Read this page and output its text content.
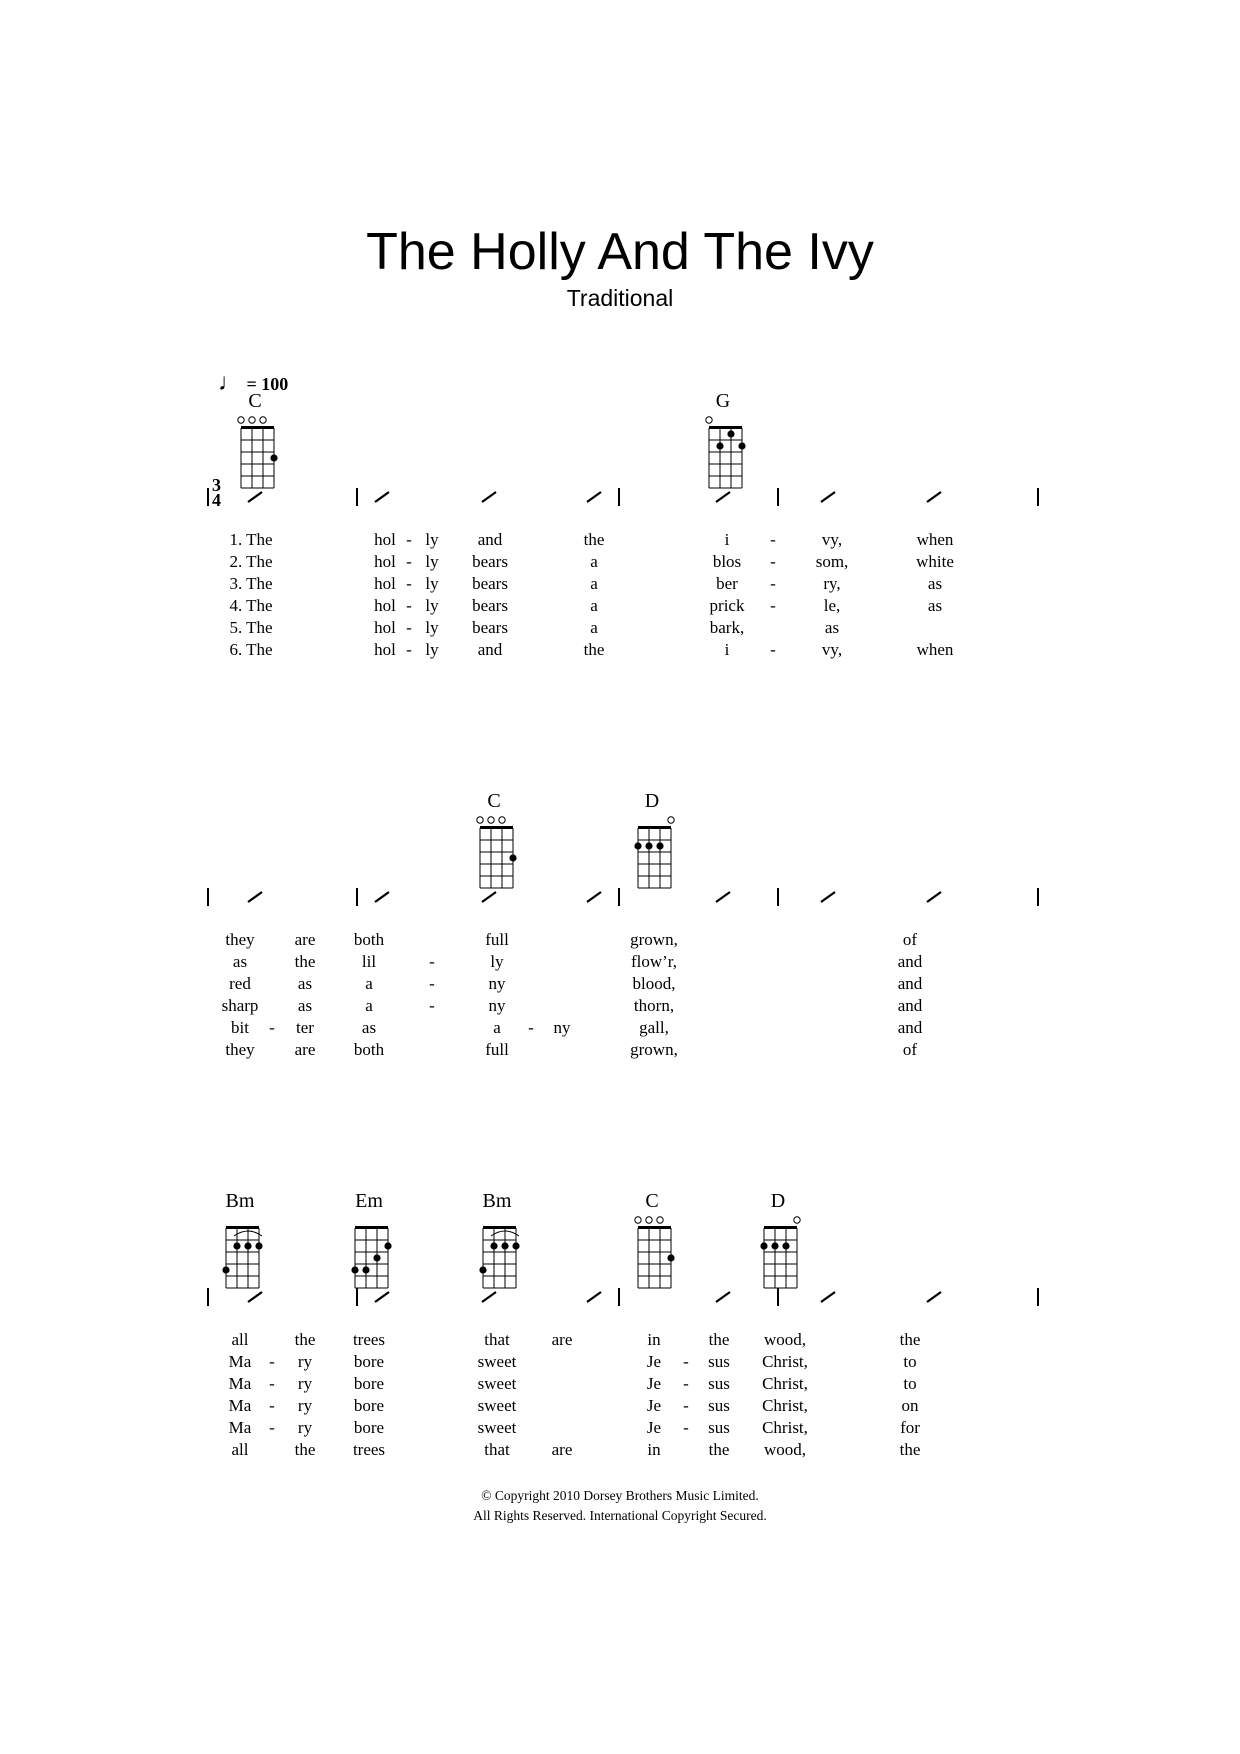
The Holly And The Ivy
Traditional
♩ = 100
C	G
3
4
1. The	hol - ly and	the	i -	vy,	when
2. The	hol - ly bears	a	blos - som,	white
3. The	hol - ly bears	a	ber -	ry,	as
4. The	hol - ly bears	a	prick -	le,	as
5. The	hol - ly bears	a	bark,	as
6. The	hol - ly and	the	i -	vy,	when
C	D
they are both	full	grown,	of
as	the	lil	-	ly	flow’r,	and
red	as	a	-	ny	blood,	and
sharp as	a	-	ny	thorn,	and
bit - ter	as	a - ny	gall,	and
they are both	full	grown,	of
Bm	Em	Bm	C	D
all	the trees	that are	in	the wood,	the
Ma - ry bore	sweet	Je - sus Christ,	to
Ma - ry bore	sweet	Je - sus Christ,	to
Ma - ry bore	sweet	Je - sus Christ,	on
Ma - ry bore	sweet	Je - sus Christ,	for
all	the trees	that are	in	the wood,	the
© Copyright 2010 Dorsey Brothers Music Limited.
All Rights Reserved. International Copyright Secured.
